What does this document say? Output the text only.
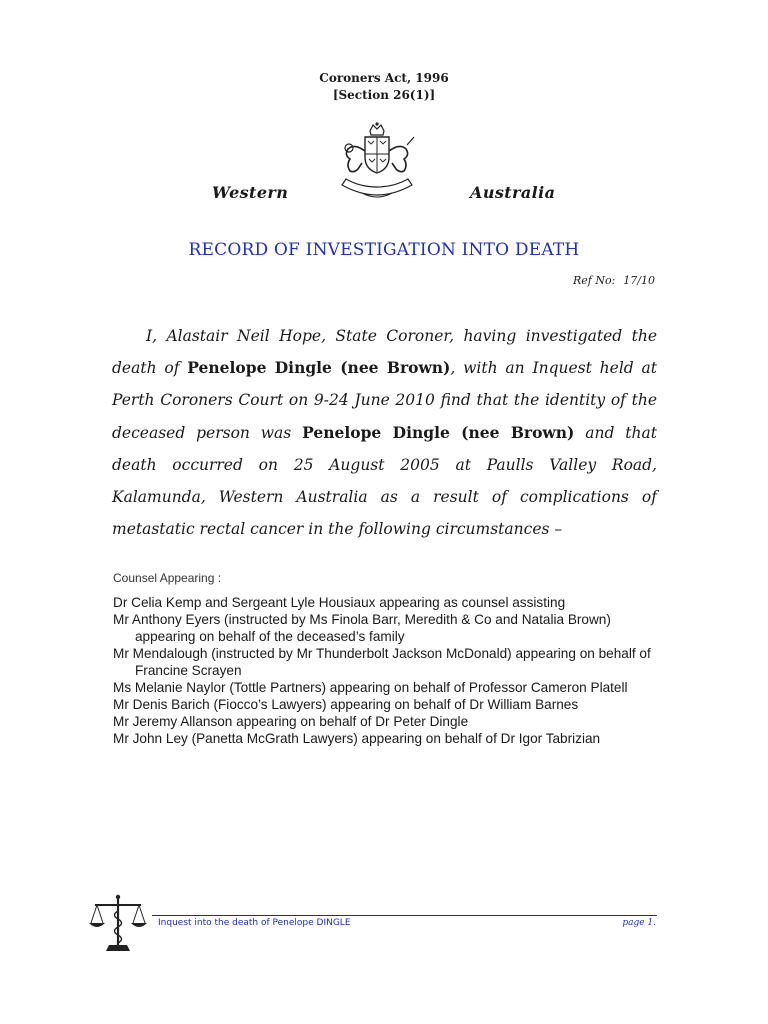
Coroners Act, 1996
[Section 26(1)]
Western	Australia
RECORD OF INVESTIGATION INTO DEATH
Ref No: 17/10
I, Alastair Neil Hope, State Coroner, having investigated the death of Penelope Dingle (nee Brown), with an Inquest held at Perth Coroners Court on 9-24 June 2010 find that the identity of the deceased person was Penelope Dingle (nee Brown) and that death occurred on 25 August 2005 at Paulls Valley Road, Kalamunda, Western Australia as a result of complications of metastatic rectal cancer in the following circumstances –
Counsel Appearing :
Dr Celia Kemp and Sergeant Lyle Housiaux appearing as counsel assisting
Mr Anthony Eyers (instructed by Ms Finola Barr, Meredith & Co and Natalia Brown) appearing on behalf of the deceased’s family
Mr Mendalough (instructed by Mr Thunderbolt Jackson McDonald) appearing on behalf of Francine Scrayen
Ms Melanie Naylor (Tottle Partners) appearing on behalf of Professor Cameron Platell
Mr Denis Barich (Fiocco’s Lawyers) appearing on behalf of Dr William Barnes
Mr Jeremy Allanson appearing on behalf of Dr Peter Dingle
Mr John Ley (Panetta McGrath Lawyers) appearing on behalf of Dr Igor Tabrizian
Inquest into the death of Penelope DINGLE	page 1.
